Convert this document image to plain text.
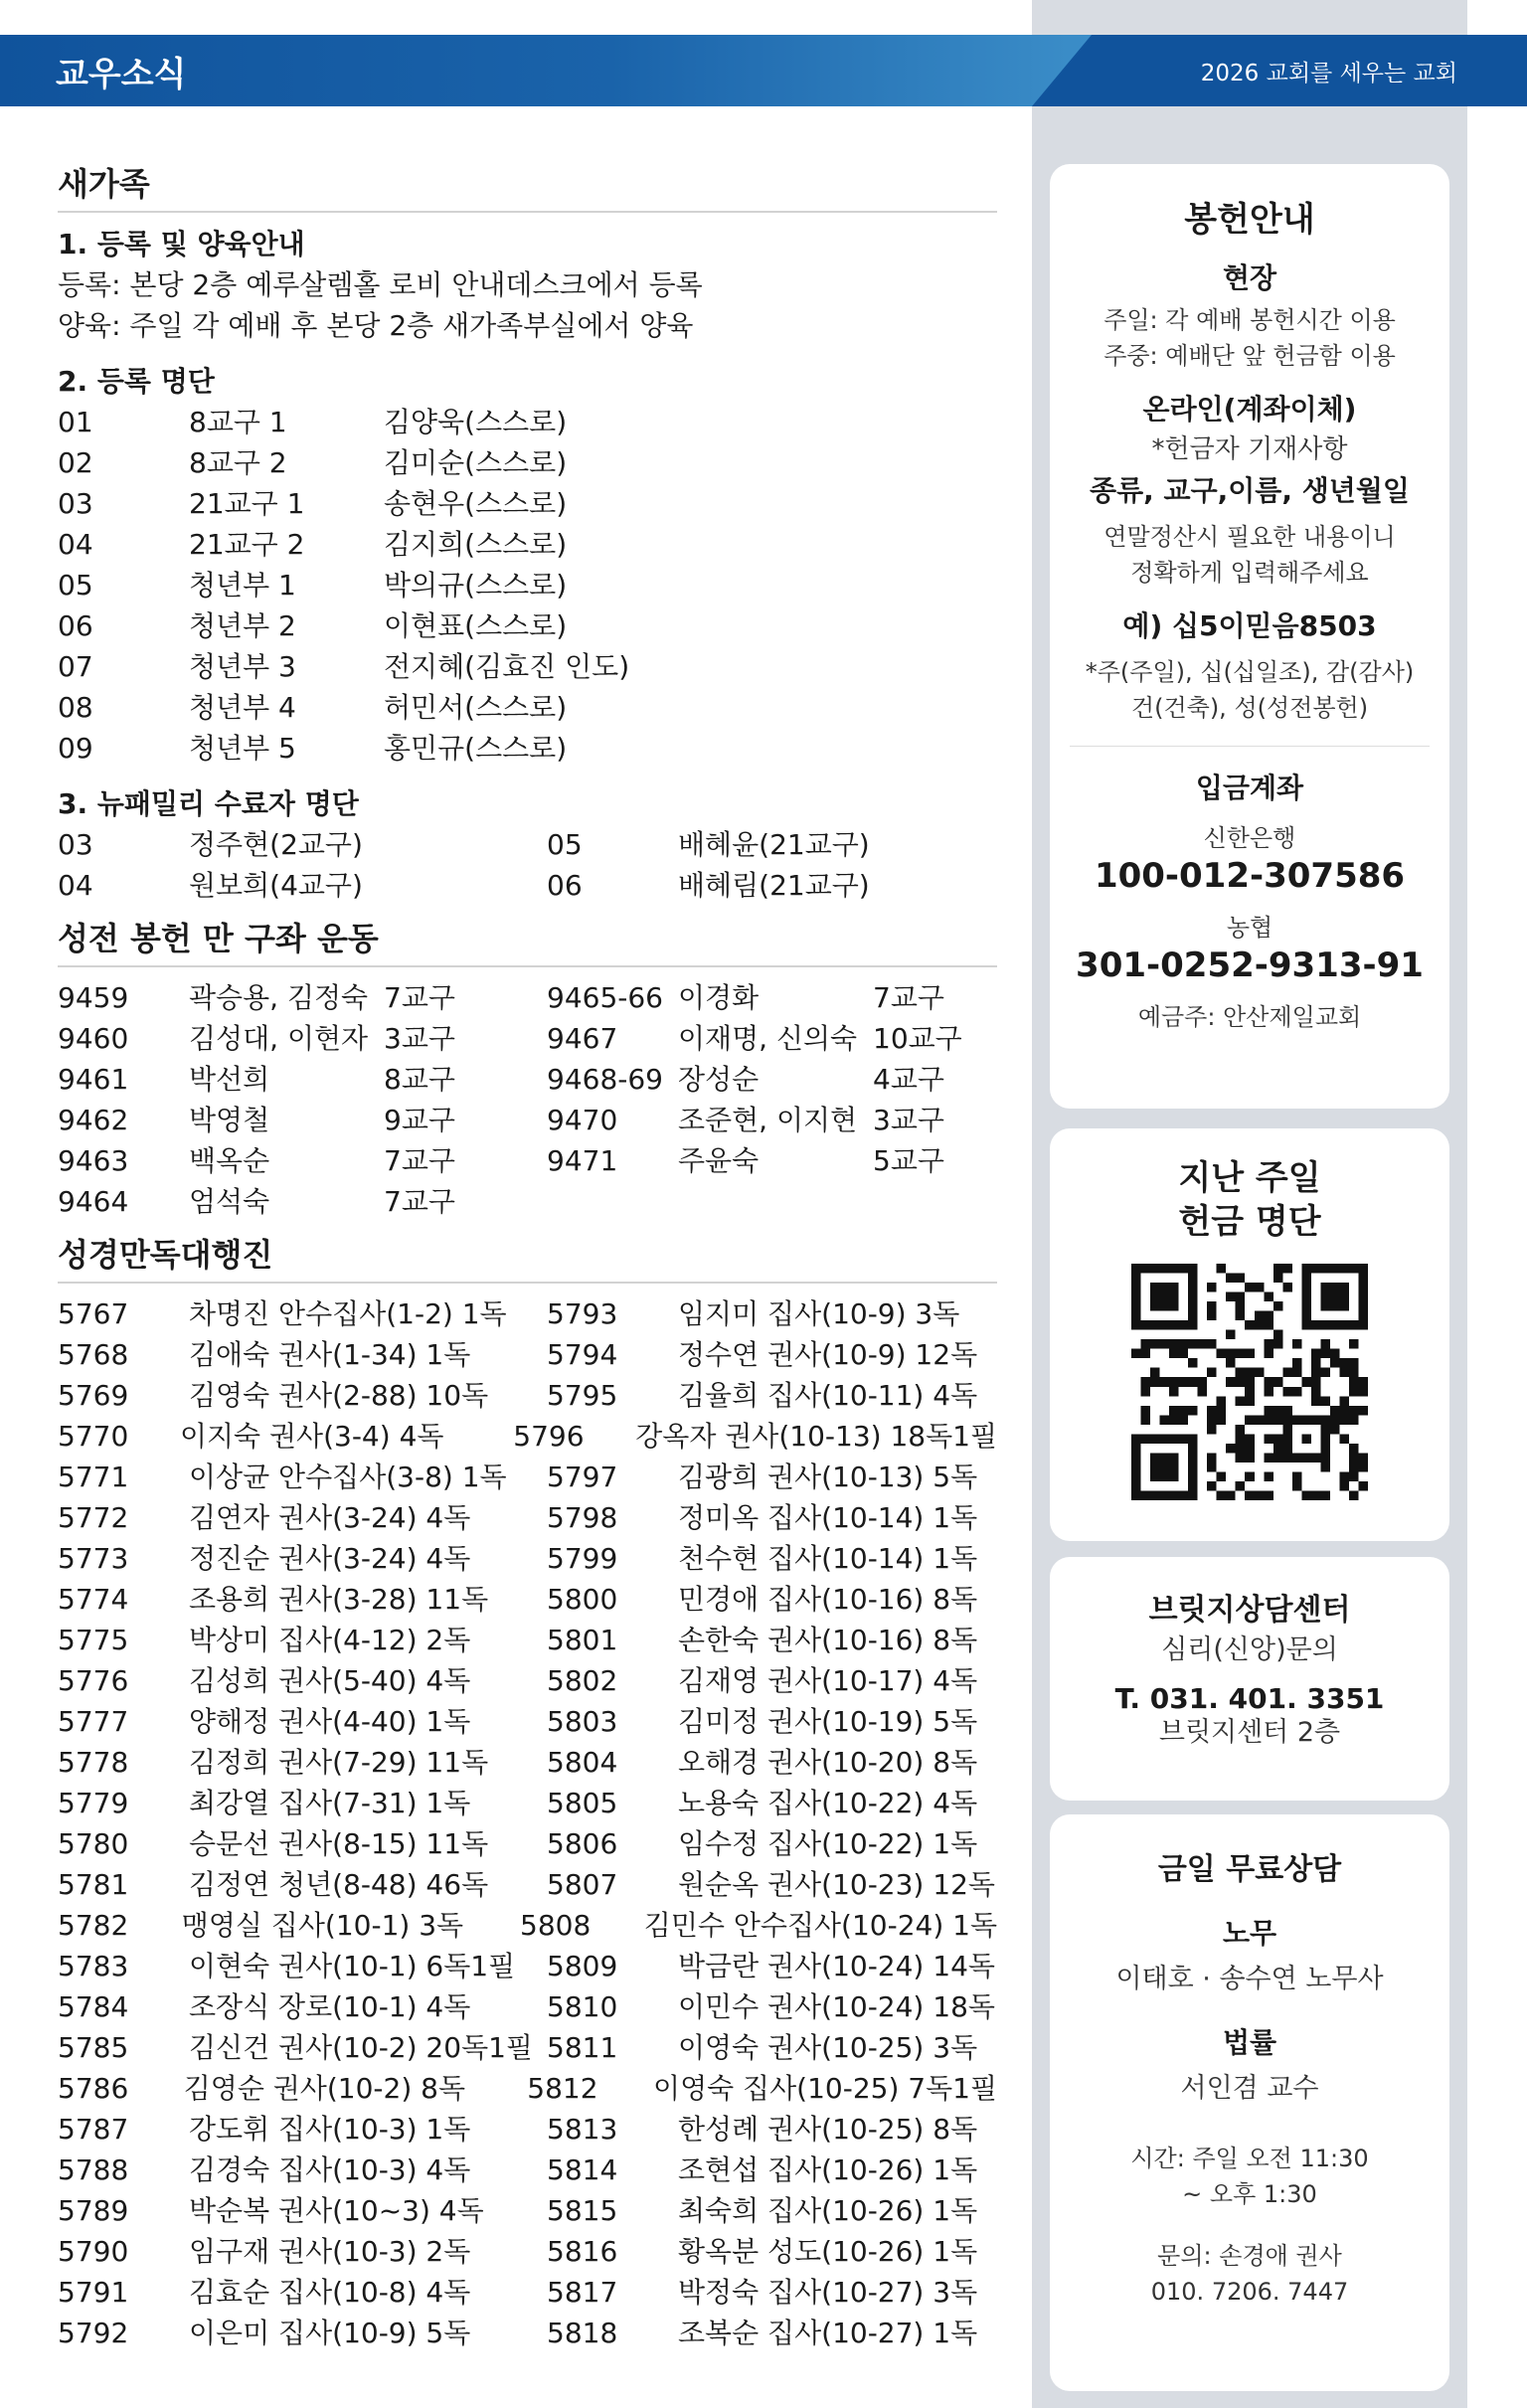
교우소식	2026 교회를 세우는 교회
새가족
1. 등록 및 양육안내
등록: 본당 2층 예루살렘홀 로비 안내데스크에서 등록
양육: 주일 각 예배 후 본당 2층 새가족부실에서 양육
2. 등록 명단
01	8교구 1	김양욱(스스로)
02	8교구 2	김미순(스스로)
03	21교구 1	송현우(스스로)
04	21교구 2	김지희(스스로)
05	청년부 1	박의규(스스로)
06	청년부 2	이현표(스스로)
07	청년부 3	전지혜(김효진 인도)
08	청년부 4	허민서(스스로)
09	청년부 5	홍민규(스스로)
3. 뉴패밀리 수료자 명단
03	정주현(2교구)	05	배혜윤(21교구)
04	원보희(4교구)	06	배혜림(21교구)
성전 봉헌 만 구좌 운동
9459	곽승용, 김정숙 7교구	9465-66 이경화	7교구
9460	김성대, 이현자 3교구	9467	이재명, 신의숙 10교구
9461	박선희	8교구	9468-69 장성순	4교구
9462	박영철	9교구	9470	조준현, 이지현 3교구
9463	백옥순	7교구	9471	주윤숙	5교구
9464	엄석숙	7교구
성경만독대행진
5767	차명진 안수집사(1-2) 1독	5793	임지미 집사(10-9) 3독
5768	김애숙 권사(1-34) 1독	5794	정수연 권사(10-9) 12독
5769	김영숙 권사(2-88) 10독	5795	김율희 집사(10-11) 4독
5770	이지숙 권사(3-4) 4독	5796	강옥자 권사(10-13) 18독1필
5771	이상균 안수집사(3-8) 1독	5797	김광희 권사(10-13) 5독
5772	김연자 권사(3-24) 4독	5798	정미옥 집사(10-14) 1독
5773	정진순 권사(3-24) 4독	5799	천수현 집사(10-14) 1독
5774	조용희 권사(3-28) 11독	5800	민경애 집사(10-16) 8독
5775	박상미 집사(4-12) 2독	5801	손한숙 권사(10-16) 8독
5776	김성희 권사(5-40) 4독	5802	김재영 권사(10-17) 4독
5777	양해정 권사(4-40) 1독	5803	김미정 권사(10-19) 5독
5778	김정희 권사(7-29) 11독	5804	오해경 권사(10-20) 8독
5779	최강열 집사(7-31) 1독	5805	노용숙 집사(10-22) 4독
5780	승문선 권사(8-15) 11독	5806	임수정 집사(10-22) 1독
5781	김정연 청년(8-48) 46독	5807	원순옥 권사(10-23) 12독
5782	맹영실 집사(10-1) 3독	5808	김민수 안수집사(10-24) 1독
5783	이현숙 권사(10-1) 6독1필	5809	박금란 권사(10-24) 14독
5784	조장식 장로(10-1) 4독	5810	이민수 권사(10-24) 18독
5785	김신건 권사(10-2) 20독1필 5811	이영숙 권사(10-25) 3독
5786	김영순 권사(10-2) 8독	5812	이영숙 집사(10-25) 7독1필
5787	강도휘 집사(10-3) 1독	5813	한성례 권사(10-25) 8독
5788	김경숙 집사(10-3) 4독	5814	조현섭 집사(10-26) 1독
5789	박순복 권사(10~3) 4독	5815	최숙희 집사(10-26) 1독
5790	임구재 권사(10-3) 2독	5816	황옥분 성도(10-26) 1독
5791	김효순 집사(10-8) 4독	5817	박정숙 집사(10-27) 3독
5792	이은미 집사(10-9) 5독	5818	조복순 집사(10-27) 1독
봉헌안내
현장
주일: 각 예배 봉헌시간 이용
주중: 예배단 앞 헌금함 이용
온라인(계좌이체)
*헌금자 기재사항
종류, 교구,이름, 생년월일
연말정산시 필요한 내용이니
정확하게 입력해주세요
예) 십5이믿음8503
*주(주일), 십(십일조), 감(감사)
건(건축), 성(성전봉헌)
입금계좌
신한은행
100-012-307586
농협
301-0252-9313-91
예금주: 안산제일교회
지난 주일
헌금 명단
브릿지상담센터
심리(신앙)문의
T. 031. 401. 3351
브릿지센터 2층
금일 무료상담
노무
이태호 · 송수연 노무사
법률
서인겸 교수
시간: 주일 오전 11:30
~ 오후 1:30
문의: 손경애 권사
010. 7206. 7447
